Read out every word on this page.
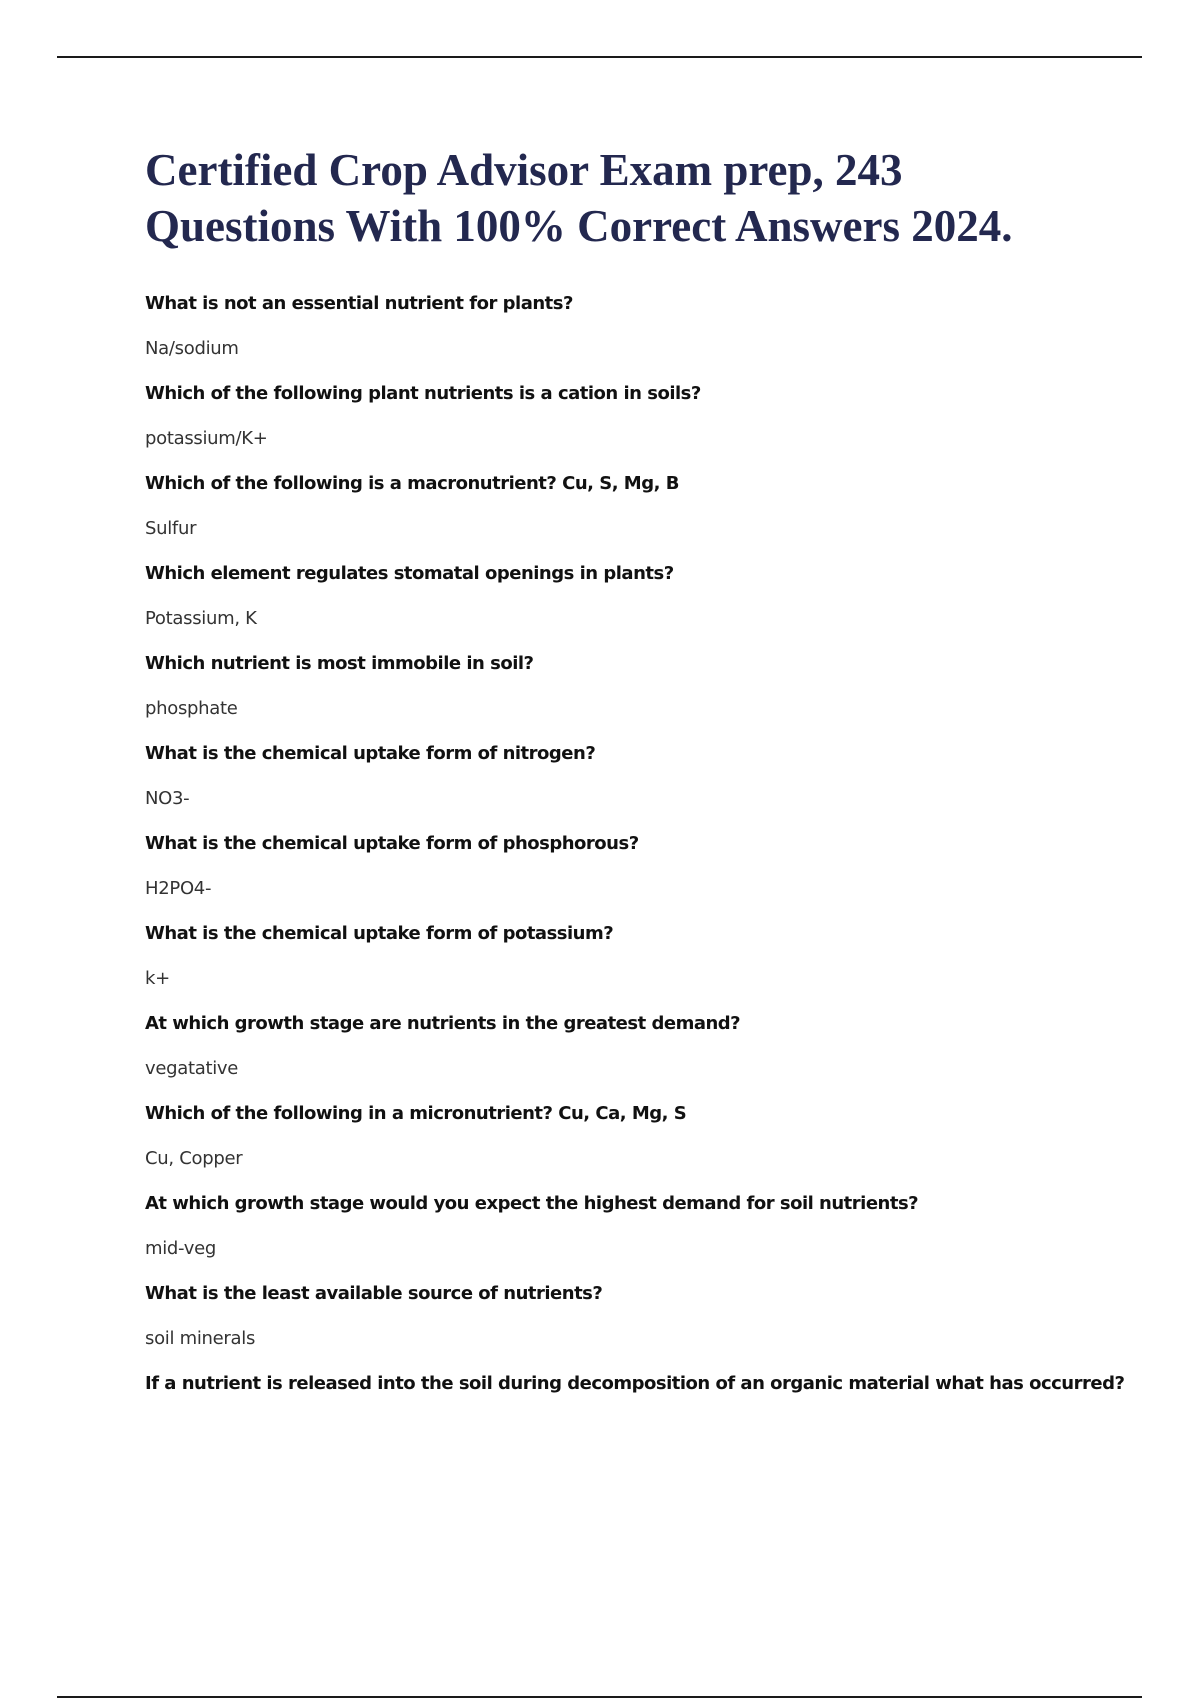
Certified Crop Advisor Exam prep, 243
Questions With 100% Correct Answers 2024.

What is not an essential nutrient for plants?

Na/sodium

Which of the following plant nutrients is a cation in soils?

potassium/K+

Which of the following is a macronutrient? Cu, S, Mg, B

Sulfur

Which element regulates stomatal openings in plants?

Potassium, K

Which nutrient is most immobile in soil?

phosphate

What is the chemical uptake form of nitrogen?

NO3-

What is the chemical uptake form of phosphorous?

H2PO4-

What is the chemical uptake form of potassium?

k+

At which growth stage are nutrients in the greatest demand?

vegatative

Which of the following in a micronutrient? Cu, Ca, Mg, S

Cu, Copper

At which growth stage would you expect the highest demand for soil nutrients?

mid-veg

What is the least available source of nutrients?

soil minerals

If a nutrient is released into the soil during decomposition of an organic material what has occurred?
